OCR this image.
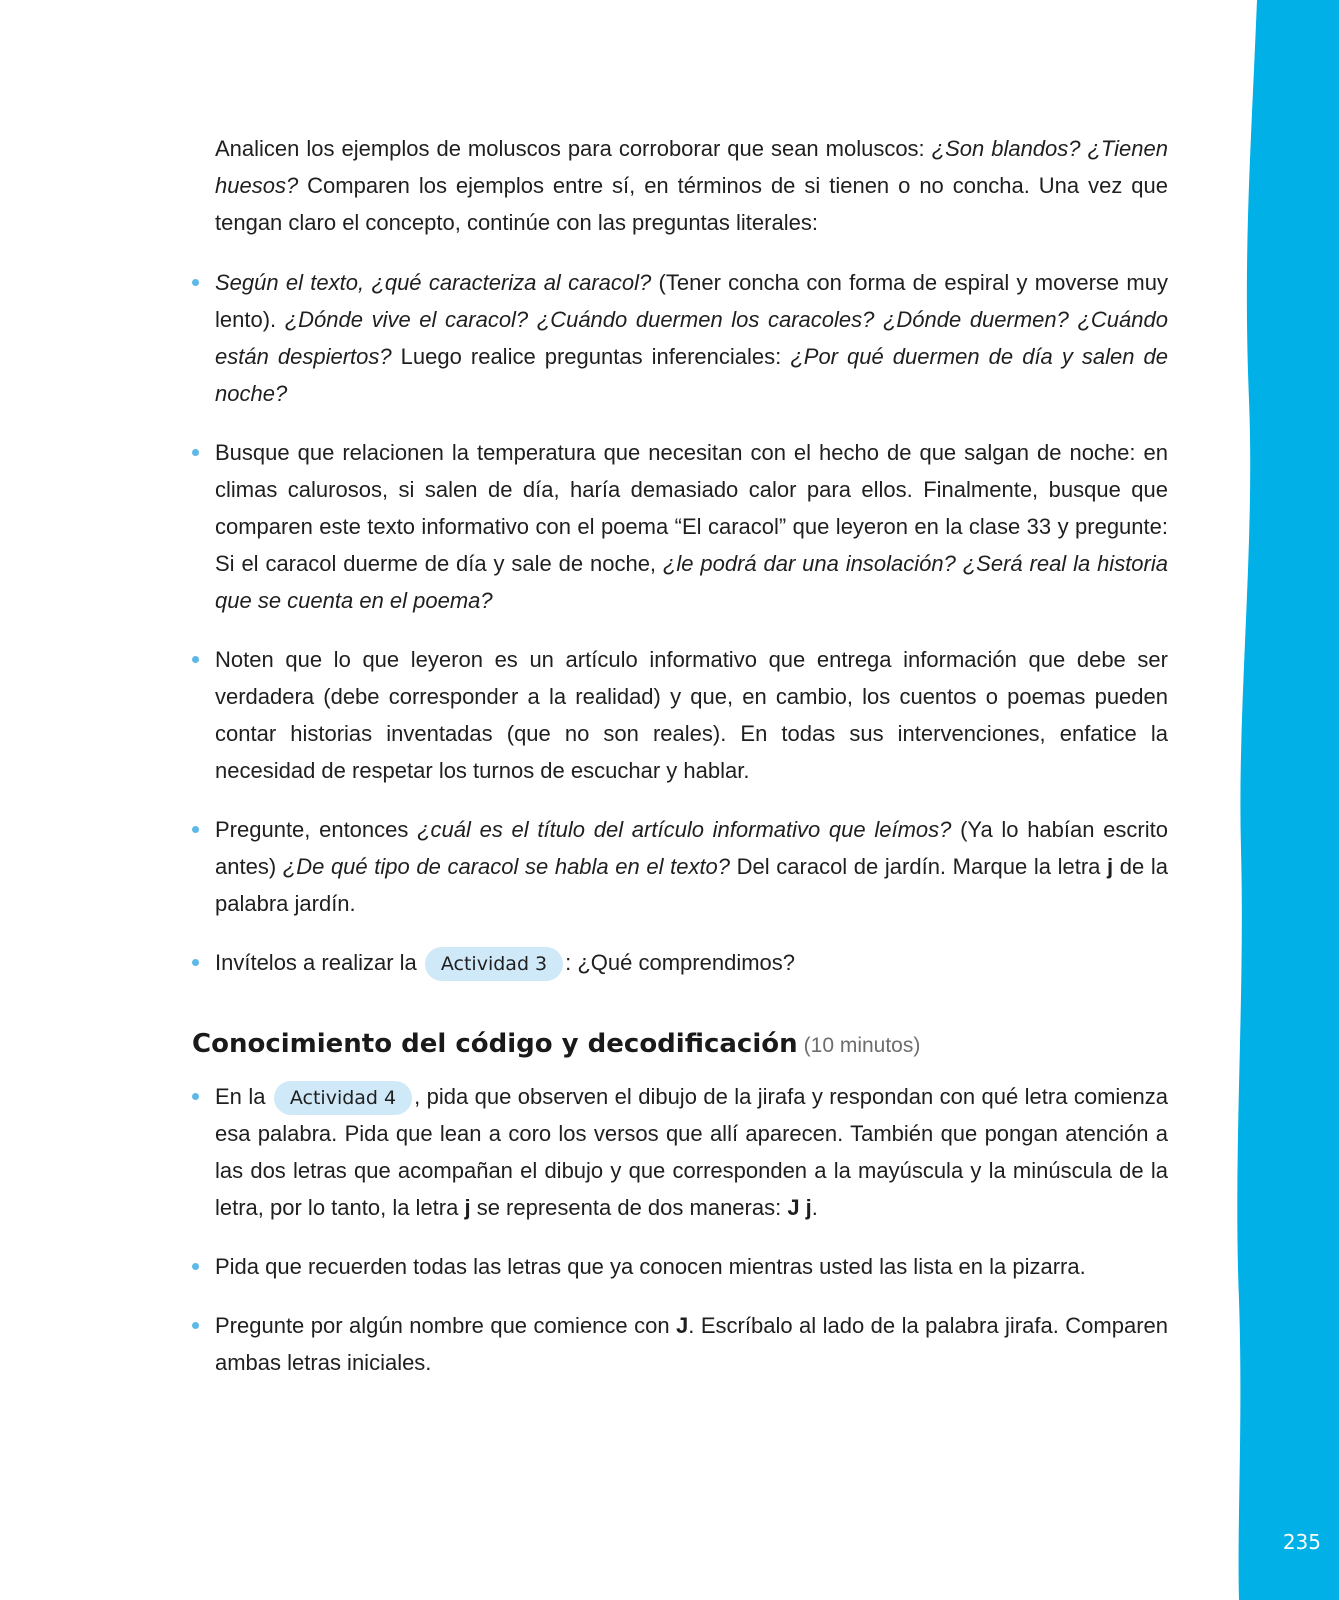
Analicen los ejemplos de moluscos para corroborar que sean moluscos: ¿Son blandos? ¿Tienen huesos? Comparen los ejemplos entre sí, en términos de si tienen o no concha. Una vez que tengan claro el concepto, continúe con las preguntas literales:

Según el texto, ¿qué caracteriza al caracol? (Tener concha con forma de espiral y moverse muy lento). ¿Dónde vive el caracol? ¿Cuándo duermen los caracoles? ¿Dónde duermen? ¿Cuándo están despiertos? Luego realice preguntas inferenciales: ¿Por qué duermen de día y salen de noche?
Busque que relacionen la temperatura que necesitan con el hecho de que salgan de noche: en climas calurosos, si salen de día, haría demasiado calor para ellos. Finalmente, busque que comparen este texto informativo con el poema “El caracol” que leyeron en la clase 33 y pregunte: Si el caracol duerme de día y sale de noche, ¿le podrá dar una insolación? ¿Será real la historia que se cuenta en el poema?
Noten que lo que leyeron es un artículo informativo que entrega información que debe ser verdadera (debe corresponder a la realidad) y que, en cambio, los cuentos o poemas pueden contar historias inventadas (que no son reales). En todas sus intervenciones, enfatice la necesidad de respetar los turnos de escuchar y hablar.
Pregunte, entonces ¿cuál es el título del artículo informativo que leímos? (Ya lo habían escrito antes) ¿De qué tipo de caracol se habla en el texto? Del caracol de jardín. Marque la letra j de la palabra jardín.
Invítelos a realizar la Actividad 3 : ¿Qué comprendimos?
Conocimiento del código y decodificación (10 minutos)
En la Actividad 4 , pida que observen el dibujo de la jirafa y respondan con qué letra comienza esa palabra. Pida que lean a coro los versos que allí aparecen. También que pongan atención a las dos letras que acompañan el dibujo y que corresponden a la mayúscula y la minúscula de la letra, por lo tanto, la letra j se representa de dos maneras: J j.
Pida que recuerden todas las letras que ya conocen mientras usted las lista en la pizarra.
Pregunte por algún nombre que comience con J. Escríbalo al lado de la palabra jirafa. Comparen ambas letras iniciales.
235
